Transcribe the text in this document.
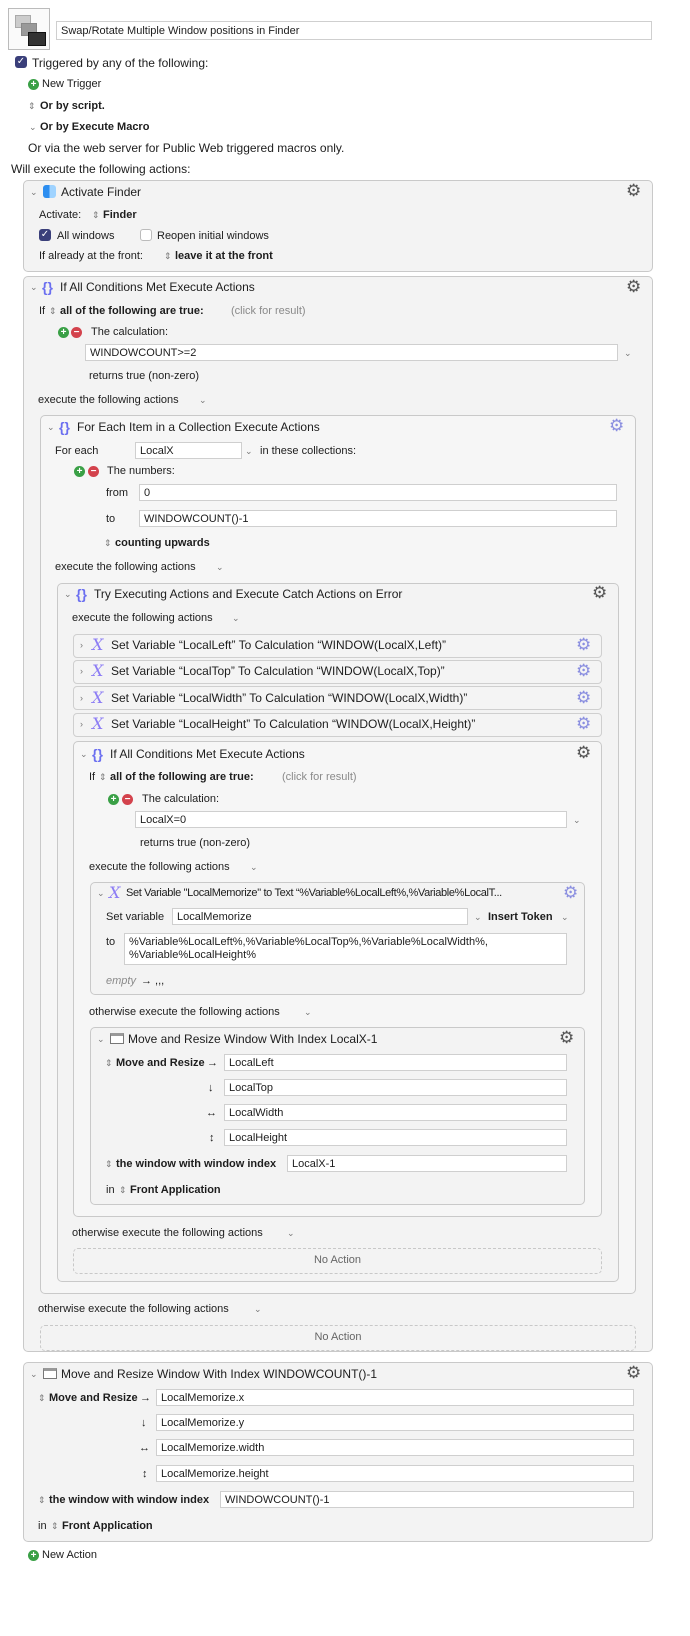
Swap/Rotate Multiple Window positions in Finder
✓ Triggered by any of the following:
+ New Trigger
⇕ Or by script.
⌄ Or by Execute Macro
Or via the web server for Public Web triggered macros only.
Will execute the following actions:
⌄ Activate Finder	⚙
Activate: ⇕ Finder
✓ All windows	Reopen initial windows
If already at the front: ⇕ leave it at the front
⌄ {} If All Conditions Met Execute Actions	⚙
If ⇕ all of the following are true: (click for result)
+ − The calculation:
WINDOWCOUNT>=2	⌄
returns true (non-zero)
execute the following actions ⌄
⌄ {} For Each Item in a Collection Execute Actions	⚙
For each	LocalX	⌄ in these collections:
+ − The numbers:
from	0
to	WINDOWCOUNT()-1
⇕ counting upwards
execute the following actions ⌄
⌄ {} Try Executing Actions and Execute Catch Actions on Error	⚙
execute the following actions ⌄
› X Set Variable “LocalLeft” To Calculation “WINDOW(LocalX,Left)”	⚙
› X Set Variable “LocalTop” To Calculation “WINDOW(LocalX,Top)”	⚙
› X Set Variable “LocalWidth” To Calculation “WINDOW(LocalX,Width)”	⚙
› X Set Variable “LocalHeight” To Calculation “WINDOW(LocalX,Height)”	⚙
⌄ {} If All Conditions Met Execute Actions	⚙
If ⇕ all of the following are true:	(click for result)
+ − The calculation:
LocalX=0	⌄
returns true (non-zero)
execute the following actions ⌄
⌄ X Set Variable "LocalMemorize" to Text “%Variable%LocalLeft%,%Variable%LocalT...	⚙
Set variable	LocalMemorize	⌄ Insert Token ⌄
to	%Variable%LocalLeft%,%Variable%LocalTop%,%Variable%LocalWidth%,
%Variable%LocalHeight%
empty → ,,,
otherwise execute the following actions	⌄
⌄ Move and Resize Window With Index LocalX-1	⚙
⇕ Move and Resize →	LocalLeft
↓	LocalTop
↔	LocalWidth
↕	LocalHeight
⇕ the window with window index	LocalX-1
in ⇕ Front Application
otherwise execute the following actions	⌄
No Action
otherwise execute the following actions	⌄
No Action
⌄ Move and Resize Window With Index WINDOWCOUNT()-1	⚙
⇕ Move and Resize → LocalMemorize.x
↓	LocalMemorize.y
↔	LocalMemorize.width
↕	LocalMemorize.height
⇕ the window with window index	WINDOWCOUNT()-1
in ⇕ Front Application
+ New Action
